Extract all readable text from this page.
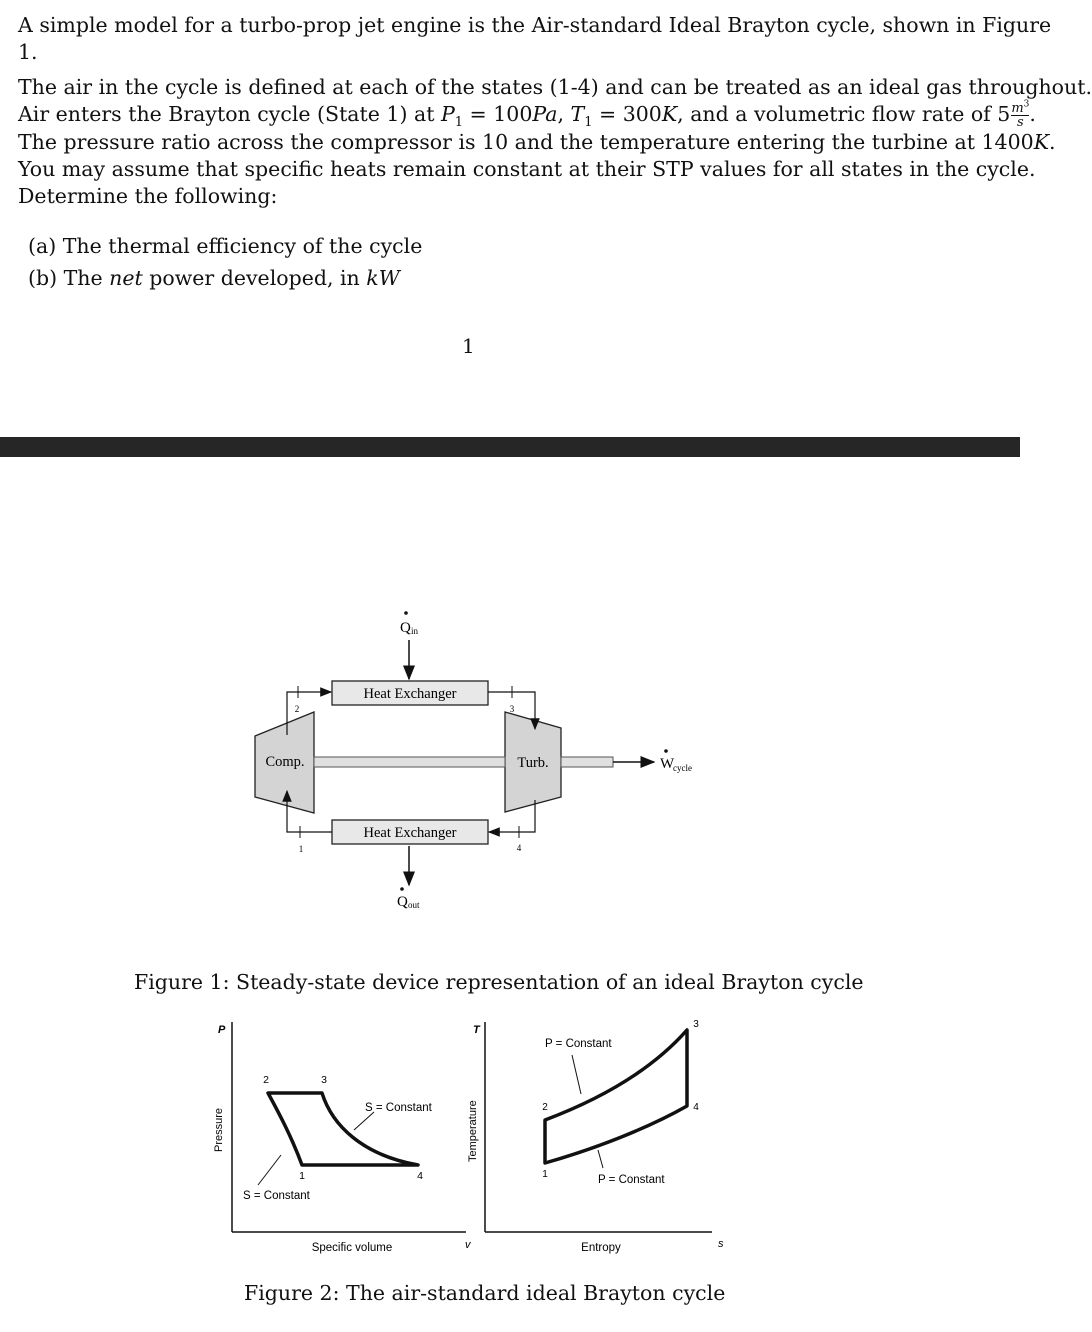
A simple model for a turbo-prop jet engine is the Air-standard Ideal Brayton cycle, shown in Figure
1.
The air in the cycle is defined at each of the states (1-4) and can be treated as an ideal gas throughout.
Air enters the Brayton cycle (State 1) at $P_1 = 100Pa$, $T_1 = 300K$, and a volumetric flow rate of $5 \frac{m^3}{s}$ .
The pressure ratio across the compressor is 10 and the temperature entering the turbine at 1400K.
You may assume that specific heats remain constant at their STP values for all states in the cycle.
Determine the following:
(a) The thermal efficiency of the cycle
(b) The net power developed, in kW
1
Q in
Heat Exchanger
Heat Exchanger
Q out
Comp.	Turb.	W
cycle
2	3
4
1
Figure 1: Steady-state device representation of an ideal Brayton cycle
P
Pressure
Specific volume	v
2	3
1	4
S = Constant
S = Constant
T
Temperature
Entropy	s
1
2
3
4
P = Constant
P = Constant
Figure 2: The air-standard ideal Brayton cycle
